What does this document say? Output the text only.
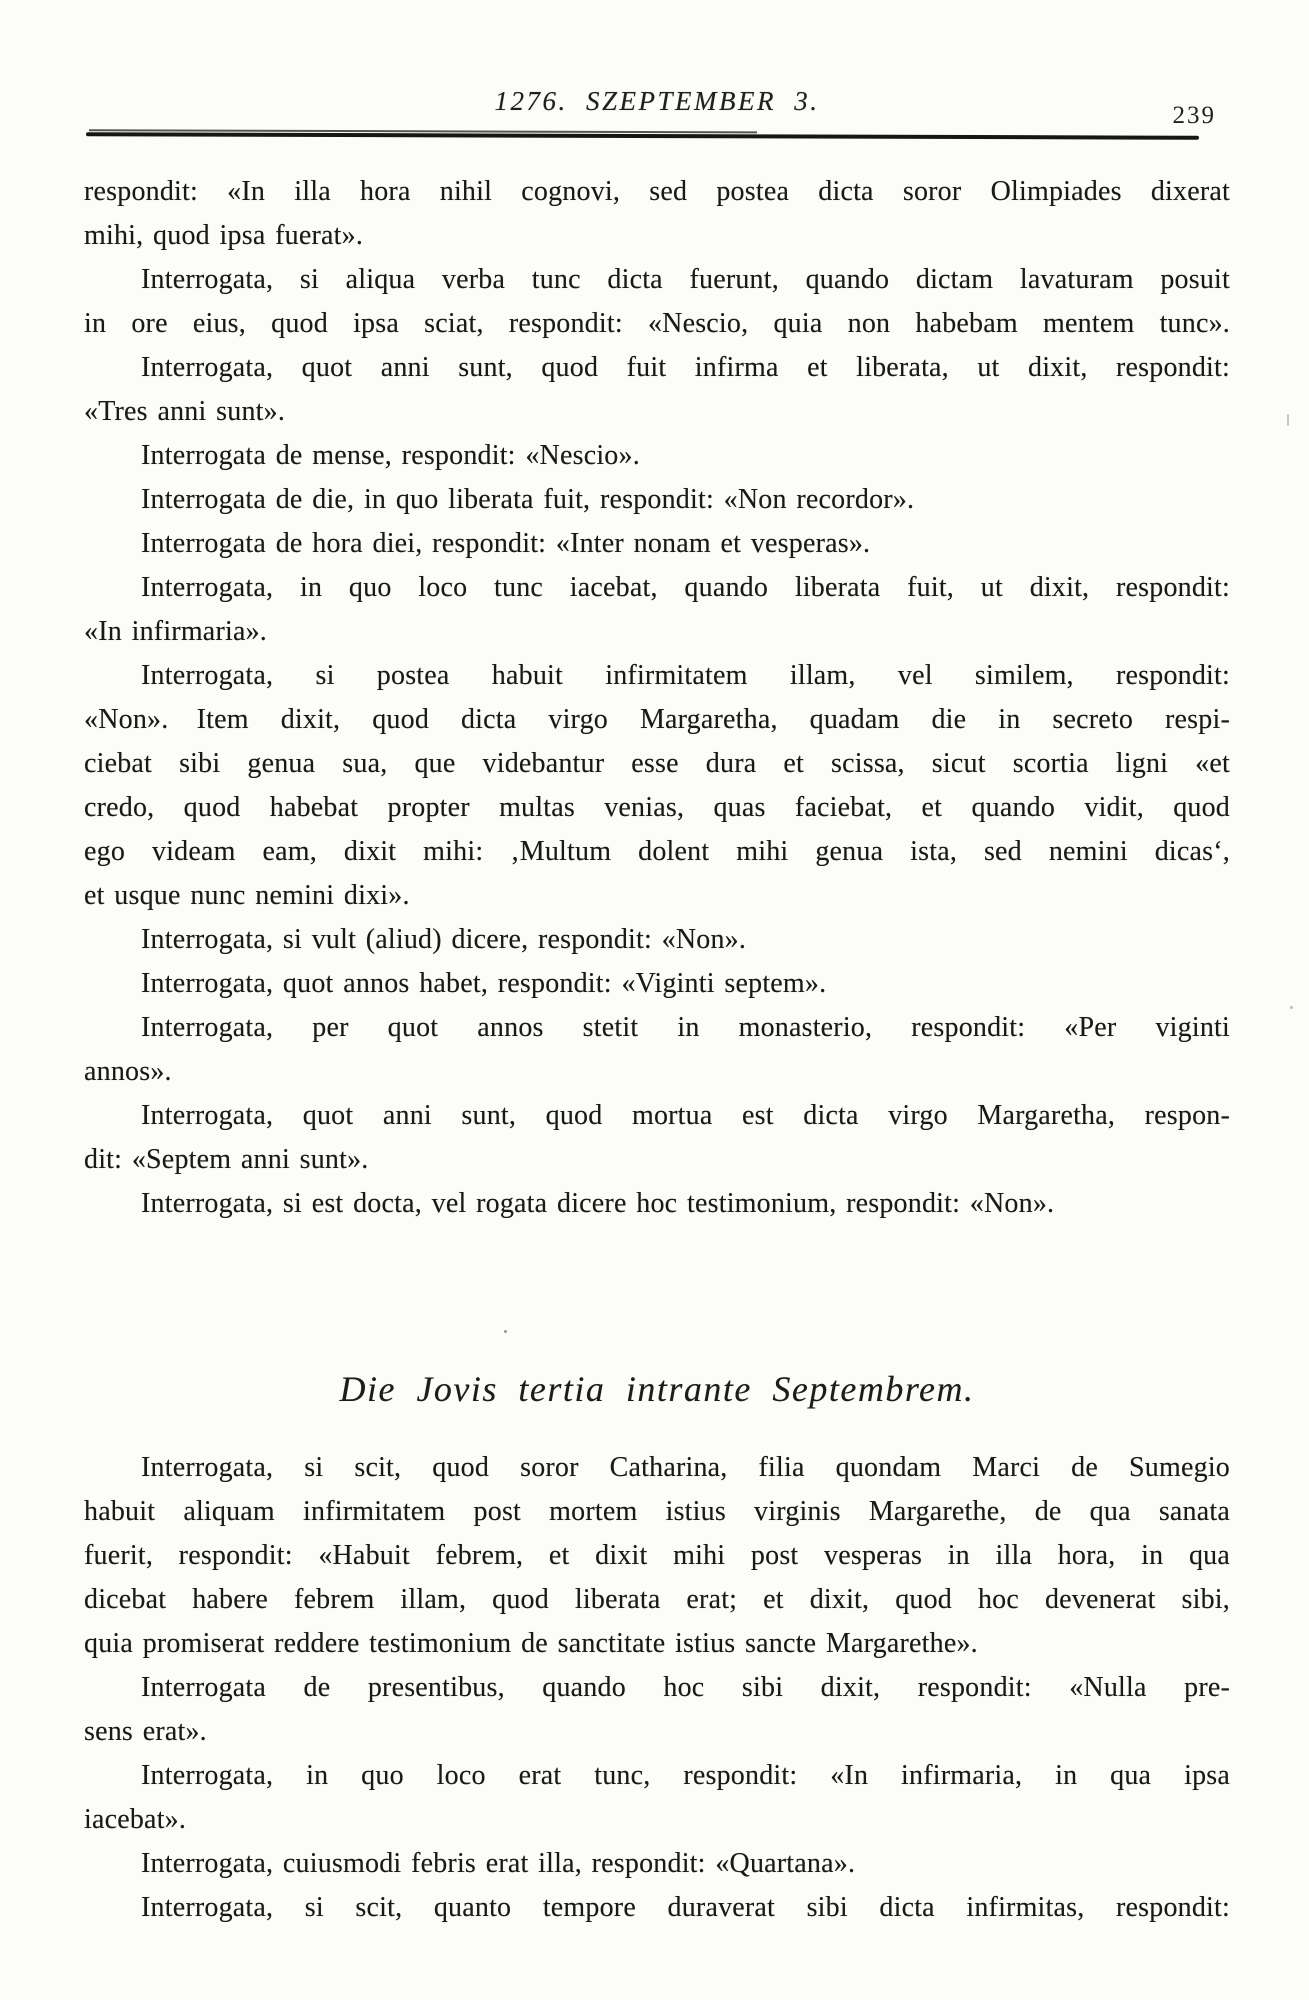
1276. SZEPTEMBER 3.	239
respondit: «In illa hora nihil cognovi, sed postea dicta soror Olimpiades dixerat
mihi, quod ipsa fuerat».
Interrogata, si aliqua verba tunc dicta fuerunt, quando dictam lavaturam posuit
in ore eius, quod ipsa sciat, respondit: «Nescio, quia non habebam mentem tunc».
Interrogata, quot anni sunt, quod fuit infirma et liberata, ut dixit, respondit:
«Tres anni sunt».
Interrogata de mense, respondit: «Nescio».
Interrogata de die, in quo liberata fuit, respondit: «Non recordor».
Interrogata de hora diei, respondit: «Inter nonam et vesperas».
Interrogata, in quo loco tunc iacebat, quando liberata fuit, ut dixit, respondit:
«In infirmaria».
Interrogata, si postea habuit infirmitatem illam, vel similem, respondit:
«Non». Item dixit, quod dicta virgo Margaretha, quadam die in secreto respi-
ciebat sibi genua sua, que videbantur esse dura et scissa, sicut scortia ligni «et
credo, quod habebat propter multas venias, quas faciebat, et quando vidit, quod
ego videam eam, dixit mihi: ‚Multum dolent mihi genua ista, sed nemini dicas‘,
et usque nunc nemini dixi».
Interrogata, si vult (aliud) dicere, respondit: «Non».
Interrogata, quot annos habet, respondit: «Viginti septem».
Interrogata, per quot annos stetit in monasterio, respondit: «Per viginti
annos».
Interrogata, quot anni sunt, quod mortua est dicta virgo Margaretha, respon-
dit: «Septem anni sunt».
Interrogata, si est docta, vel rogata dicere hoc testimonium, respondit: «Non».
Die Jovis tertia intrante Septembrem.
Interrogata, si scit, quod soror Catharina, filia quondam Marci de Sumegio
habuit aliquam infirmitatem post mortem istius virginis Margarethe, de qua sanata
fuerit, respondit: «Habuit febrem, et dixit mihi post vesperas in illa hora, in qua
dicebat habere febrem illam, quod liberata erat; et dixit, quod hoc devenerat sibi,
quia promiserat reddere testimonium de sanctitate istius sancte Margarethe».
Interrogata de presentibus, quando hoc sibi dixit, respondit: «Nulla pre-
sens erat».
Interrogata, in quo loco erat tunc, respondit: «In infirmaria, in qua ipsa
iacebat».
Interrogata, cuiusmodi febris erat illa, respondit: «Quartana».
Interrogata, si scit, quanto tempore duraverat sibi dicta infirmitas, respondit:
